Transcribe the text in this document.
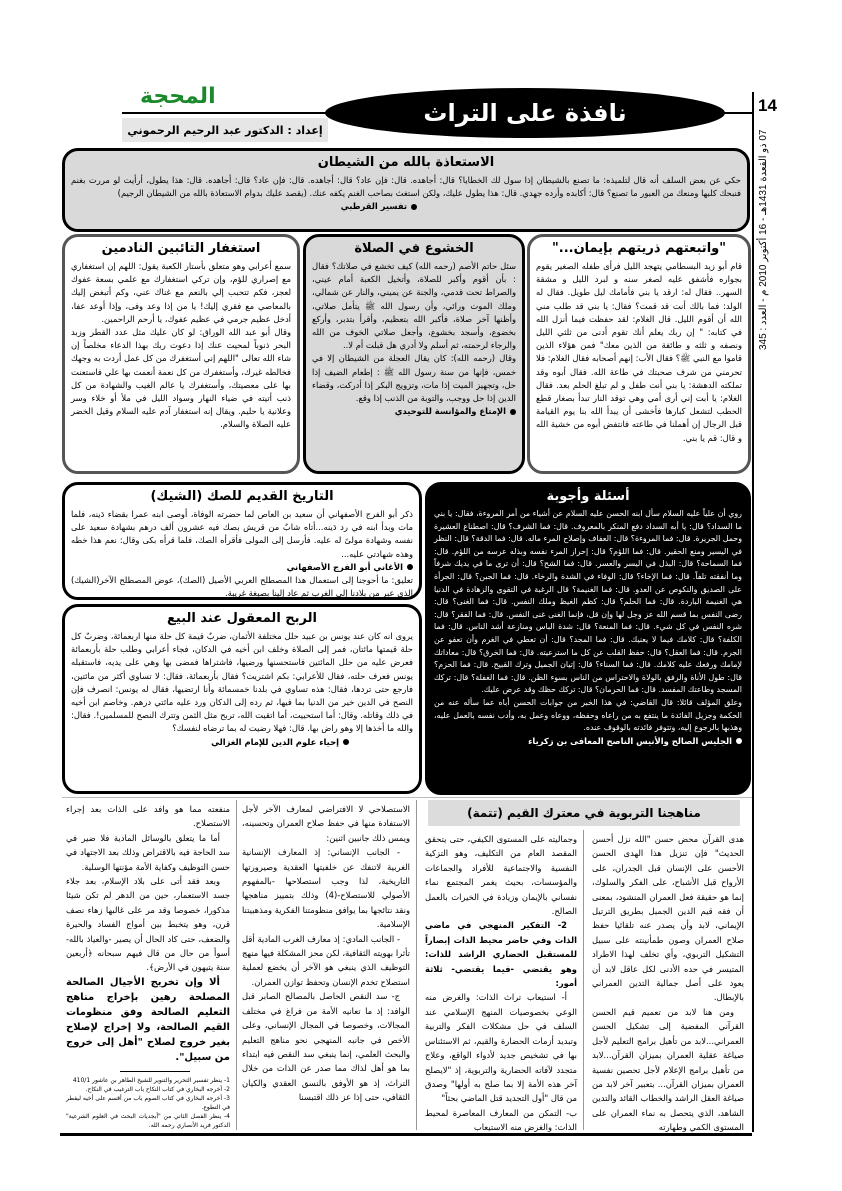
14
07 ذو القعدة 1431هـ - 16 أكتوبر 2010 م - العدد : 345
المحجة
نافذة على التراث
إعداد : الدكتور عبد الرحيم الرحموني
الاستعاذة بالله من الشيطان

حكي عن بعض السلف أنه قال لتلميذه: ما تصنع بالشيطان إذا سول لك الخطايا؟ قال: أجاهده. قال: فإن عاد؟ قال: أجاهده. قال: فإن عاد؟ قال: أجاهده. قال: هذا يطول، أرأيت لو مررت بغنم فنبحك كلبها ومنعك من العبور ما تصنع؟ قال: أكابده وأرده جهدي. قال: هذا يطول عليك، ولكن استغث بصاحب الغنم يكفه عنك. (يقصد عليك بدوام الاستعاذة بالله من الشيطان الرجيم)

تفسير القرطبي
"واتبعتهم ذريتهم بإيمان..."

قام أبو زيد البسطامي يتهجد الليل فرأى طفله الصغير يقوم بجواره فأشفق عليه لصغر سنه و لبرد الليل و مشقة السهر.. فقال له: ارقد يا بني فأمامك ليل طويل. فقال له الولد: فما بالك أنت قد قمت؟ فقال: يا بني قد طلب مني الله أن أقوم الليل. قال الغلام: لقد حفظت فيما أنزل الله في كتابه: " إن ربك يعلم أنك تقوم أدنى من ثلثي الليل ونصفه و ثلثه و طائفة من الذين معك" فمن هؤلاء الذين قاموا مع النبي ﷺ؟ فقال الأب: إنهم أصحابه فقال الغلام: فلا تحرمني من شرف صحبتك في طاعة الله. فقال أبوه وقد تملكته الدهشة: يا بني أنت طفل و لم تبلغ الحلم بعد. فقال الغلام: يا أبت إني أرى أمي وهي توقد النار تبدأ بصغار قطع الحطب لتشعل كبارها فأخشى أن يبدأ الله بنا يوم القيامة قبل الرجال إن أهملنا في طاعته فانتفض أبوه من خشية الله و قال: قم يا بني.

الخشوع في الصلاة

سئل حاتم الأصم (رحمه الله) كيف تخشع في صلاتك؟ فقال : بأن أقوم وأكبر للصلاة، وأتخيل الكعبة أمام عيني، والصراط تحت قدمي، والجنة عن يميني، والنار عن شمالي، وملك الموت ورائي، وأن رسول الله ﷺ يتأمل صلاتي، وأظنها آخر صلاة، فأكبر الله بتعظيم، وأقرأ بتدبر، وأركع بخضوع، وأسجد بخشوع، وأجعل صلاتي الخوف من الله والرجاء لرحمته، ثم أسلم ولا أدري هل قبلت أم لا..

وقال (رحمه الله): كان يقال العجلة من الشيطان إلا في خمس، فإنها من سنة رسول الله ﷺ : إطعام الضيف إذا حل، وتجهيز الميت إذا مات، وتزويج البكر إذا أدركت، وقضاء الدين إذا حل ووجب، والتوبة من الذنب إذا وقع.

الإمتاع والمؤانسة للتوحيدي
استغفار التائبين النادمين

سمع أعرابي وهو متعلق بأستار الكعبة يقول: اللهم إن استغفاري مع إصراري للؤم، وإن تركي استغفارك مع علمي بسعة عفوك لعجز، فكم تتحبب إلي بالنعم مع غناك عني، وكم أتبغض إليك بالمعاصي مع فقري إليك! يا من إذا وعد وفى، وإذا أوعد عفا، أدخل عظيم جرمي في عظيم عفوك، يا أرحم الراحمين.

وقال أبو عبد الله الوراق: لو كان عليك مثل عدد القطر وزبد البحر ذنوباً لمحيت عنك إذا دعوت ربك بهذا الدعاء مخلصاً إن شاء الله تعالى "اللهم إني أستغفرك من كل عمل أردت به وجهك فخالطه غيرك، وأستغفرك من كل نعمة أنعمت بها علي فاستعنت بها على معصيتك، وأستغفرك يا عالم الغيب والشهادة من كل ذنب أتيته في ضياء النهار وسواد الليل في ملأ أو خلاء وسر وعلانية يا حليم. ويقال إنه استغفار آدم عليه السلام وقيل الخضر عليه الصلاة والسلام.

أسئلة وأجوبة

روي أن علياً عليه السلام سأل ابنه الحسن عليه السلام عن أشياء من أمر المروءة، فقال: يا بني ما السداد؟ قال: يا أبه السداد دفع المنكر بالمعروف. قال: فما الشرف؟ قال: اصطناع العشيرة وحمل الجريرة. قال: فما المروءة؟ قال: العفاف وإصلاح المرء ماله. قال: فما الدقة؟ قال: النظر في اليسير ومنع الحقير. قال: فما اللؤم؟ قال: إحراز المرء نفسه وبذله عرسه من اللؤم. قال: فما السماحة؟ قال: البذل في اليسر والعسر. قال: فما الشح؟ قال: أن ترى ما في يديك شرفاً وما أنفقته تلفاً. قال: فما الإخاء؟ قال: الوفاء في الشدة والرخاء. قال: فما الجبن؟ قال: الجرأة على الصديق والنكوص عن العدو. قال: فما الغنيمة؟ قال الرغبة في التقوى والزهادة في الدنيا هي الغنيمة الباردة. قال: فما الحلم؟ قال: كظم الغيظ وملك النفس. قال: فما الغنى؟ قال: رضى النفس بما قسم الله عز وجل لها وإن قل، فإنما الغنى غنى النفس. قال: فما الفقر؟ قال: شره النفس في كل شيء. قال: فما المنعة؟ قال: شدة الباس ومنازعة أشد الناس. قال: فما الكلفة؟ قال: كلامك فيما لا يعنيك. قال: فما المجد؟ قال: أن تعطي في الغرم وأن تعفو عن الجرم. قال: فما العقل؟ قال: حفظ القلب عن كل ما استرعيته. قال: فما الخرق؟ قال: معاداتك لإمامك ورفعك عليه كلامك. قال: فما السناء؟ قال: إتيان الجميل وترك القبيح. قال: فما الحزم؟ قال: طول الأناة والرفق بالولاة والاحتراس من الناس بسوء الظن. قال: فما الغفلة؟ قال: تركك المسجد وطاعتك المفسد. قال: فما الحرمان؟ قال: تركك حظك وقد عرض عليك.

وعلق المؤلف قائلا: قال القاضي: في هذا الخبر من جوابات الحسن أباه عما سأله عنه من الحكمة وجزيل الفائدة ما ينتفع به من راعاه وحفظه، ووعاه وعمل به، وأدب نفسه بالعمل عليه، وهذبها بالرجوع إليه، وتتوفر فائدته بالوقوف عنده.

الجليس الصالح والأنيس الناصح المعافى بن زكرياء
التاريخ القديم للصك (الشيك)

ذكر أبو الفرج الأصفهاني أن سعيد بن العاص لما حضرته الوفاة، أوصى ابنه عمرا بقضاء دَينه، فلما مات وبدأ ابنه في رد دَينه...أتاه شابٌ من قريش بصك فيه عشرون ألف درهم بشهادة سعيد على نفسه وشهادة مولىً له عليه. فأرسل إلى المولى فأقرأه الصك، فلما قرأه بكى وقال: نعم هذا خطه وهذه شهادتي عليه...

الأغاني أبو الفرج الأصفهاني

تعليق: ما أحوجنا إلى استعمال هذا المصطلح العربي الأصيل (الصك)، عوض المصطلح الآخر(الشيك) الذي عبر من بلادنا إلى الغرب ثم عاد إلينا بصيغة غريبة.

الربح المعقول عند البيع

يروى انه كان عند يونس بن عبيد حلل مختلفة الأثمان، ضربٌ قيمة كل حلة منها اربعمائة، وضربٌ كل حلة قيمتها مائتان، فمر إلى الصلاة وخلف ابن أخيه في الدكان، فجاء أعرابي وطلب حلة بأربعمائة فعرض عليه من حلل المائتين فاستحسنها ورضيها، فاشتراها فمضى بها وهي على يديه، فاستقبله يونس فعرف حلته، فقال للأعرابي: بكم اشتريت؟ فقال بأربعمائة، فقال: لا تساوي أكثر من مائتين، فارجع حتى تردها، فقال: هذه تساوي في بلدنا خمسمائة وأنا ارتضيها، فقال له يونس: انصرف فإن النصح في الدين خير من الدنيا بما فيها، ثم رده إلى الدكان ورد عليه مائتي درهم. وخاصم ابن أخيه في ذلك وقاتله. وقال: أما استحييت، أما اتقيت الله، تربح مثل الثمن وتترك النصح للمسلمين!. فقال: والله ما أخذها إلا وهو راض بها. قال: فهلا رضيت له بما ترضاه لنفسك؟

إحياء علوم الدين للإمام الغزالي
مناهجنا التربوية في معترك القيم (تتمة)
هدى القرآن محض حسن "الله نزل أحسن الحديث" فإن تنزيل هذا الهدى الحسن الأحسن على الإنسان قبل الجدران، على الأرواح قبل الأشباح، على الفكر والسلوك، إنما هو حقيقة فعل العمران المنشود، بمعنى أن فقه قيم الدين الجميل بطريق الترتيل الإيماني، لابد وأن يصدر عنه تلقائيا حفظ صلاح العمران وصون طمأنينته على سبيل التشكيل التربوي، وأي تخلف لهذا الاطراد المتيسر في حده الأدنى لكل عاقل لابد أن يعود على أصل جمالية التدين العمراني بالإبطال.
ومن هنا لابد من تعميم قيم الحسن القرآني المفضية إلى تشكيل الحسن العمراني...لابد من تأهيل برامج التعليم لأجل صياغة عقلية العمران بميزان القرآن...لابد من تأهيل برامج الإعلام لأجل تحصين نفسية العمران بميزان القرآن... بتعبير آخر لابد من صياغة العقل الراشد والخطاب القائد والتدين الشاهد، الذي يتحصل به نماء العمران على المستوى الكمي وطهارته
وجماليته على المستوى الكيفي، حتى يتحقق المقصد العام من التكليف، وهو التزكية النفسية والاجتماعية للأفراد والجماعات والمؤسسات، بحيث يغمر المجتمع نماء نفساني بالإيمان وزيادة في الخيرات بالعمل الصالح.
2- التفكير المنهجي في ماضي الذات وفي حاضر محيط الذات إبصاراً للمستقبل الحضاري الراشد للذات: وهو يقتضي -فيما يقتضي- ثلاثة أمور:
أ- استيعاب تراث الذات: والغرض منه الوعي بخصوصيات المنهج الإسلامي عند السلف في حل مشكلات الفكر والتربية وتبديد أزمات الحضارة والقيم، ثم الاستئناس بها في تشخيص جديد لأدواء الواقع، وعلاج متجدد لآفاته الحضارية والتربوية، إذ "لايصلح آخر هذه الأمة إلا بما صلح به أولها" وصدق من قال "أول التجديد قتل الماضي بحثاً"
ب- التمكن من المعارف المعاصرة لمحيط الذات: والغرض منه الاستيعاب
الاستصلاحي لا الافتراضي لمعارف الآخر لأجل الاستفادة منها في حفظ صلاح العمران وتحسينه، ويمس ذلك جانبين اثنين:
- الجانب الإنساني: إذ المعارف الإنسانية الغربية لاتنفك عن خلفيتها العقدية وصيرورتها التاريخية، لذا وجب استصلاحها -بالمفهوم الأصولي للاستصلاح-(4) وذلك بتمييز مناهجها ونقد نتائجها بما يوافق منظومتنا الفكرية ومذهبيتنا الإسلامية.
- الجانب المادي: إذ معارف الغرب المادية أقل تأثرا بهويته الثقافية، لكن محز المشكلة فيها منهج التوظيف الذي ينبغي هو الآخر أن يخضع لعملية استصلاح تخدم الإنسان وتحفظ توازن العمران.
ج- سد النقص الحاصل بالمصالح الصابر قبل الوافد: إذ ما تعانيه الأمة من فراغ في مختلف المجالات، وخصوصا في المجال الإنساني، وعلى الأخص في جانبه المنهجي نحو مناهج التعليم والبحث العلمي، إنما ينبغي سد النقص فيه ابتداء بما هو أهل لذاك مما صدر عن الذات من خلال التراث، إذ هو الأوفق بالنسق العقدي والكيان الثقافي، حتى إذا عز ذلك اقتبسنا
منفعته مما هو وافد على الذات بعد إجراء الاستصلاح.
أما ما يتعلق بالوسائل المادية فلا ضير في سد الحاجة فيه بالاقتراض وذلك بعد الاجتهاد في حسن التوظيف وكفاية الأمة مؤنتها الوسلية.
وبعد فقد أتى على بلاد الإسلام، بعد جلاء جسد الاستعمار، حين من الدهر لم تكن شيئا مذكورا، خصوصا وقد مر على غالبها زهاء نصف قرن، وهو يتخبط بين أمواج الفساد والحيرة والضعف، حتى كاد الحال أن يصير -والعياذ بالله- أسوأ من حال من قال فيهم سبحانه ﴿أربعين سنة يتيهون في الأرض﴾.
ألا وإن تخريج الأجيال الصالحة المصلحة رهين بإخراج مناهج التعليم الصالحة وفق منظومات القيم الصالحة، ولا إخراج لإصلاح بغير خروج لصلاح "أهل إلى خروج من سبيل".
1- ينظر تفسير التحرير والتنوير للشيخ الطاهر بن عاشور 410/1
2- أخرجه البخاري في كتاب النكاح باب الترغيب في النكاح.
3- أخرجه البخاري في كتاب الصوم باب من أقسم على أخيه ليفطر في التطوع.
4- ينظر الفصل الثاني من "أبجديات البحث في العلوم الشرعية" الدكتور فريد الأنصاري رحمه الله.
